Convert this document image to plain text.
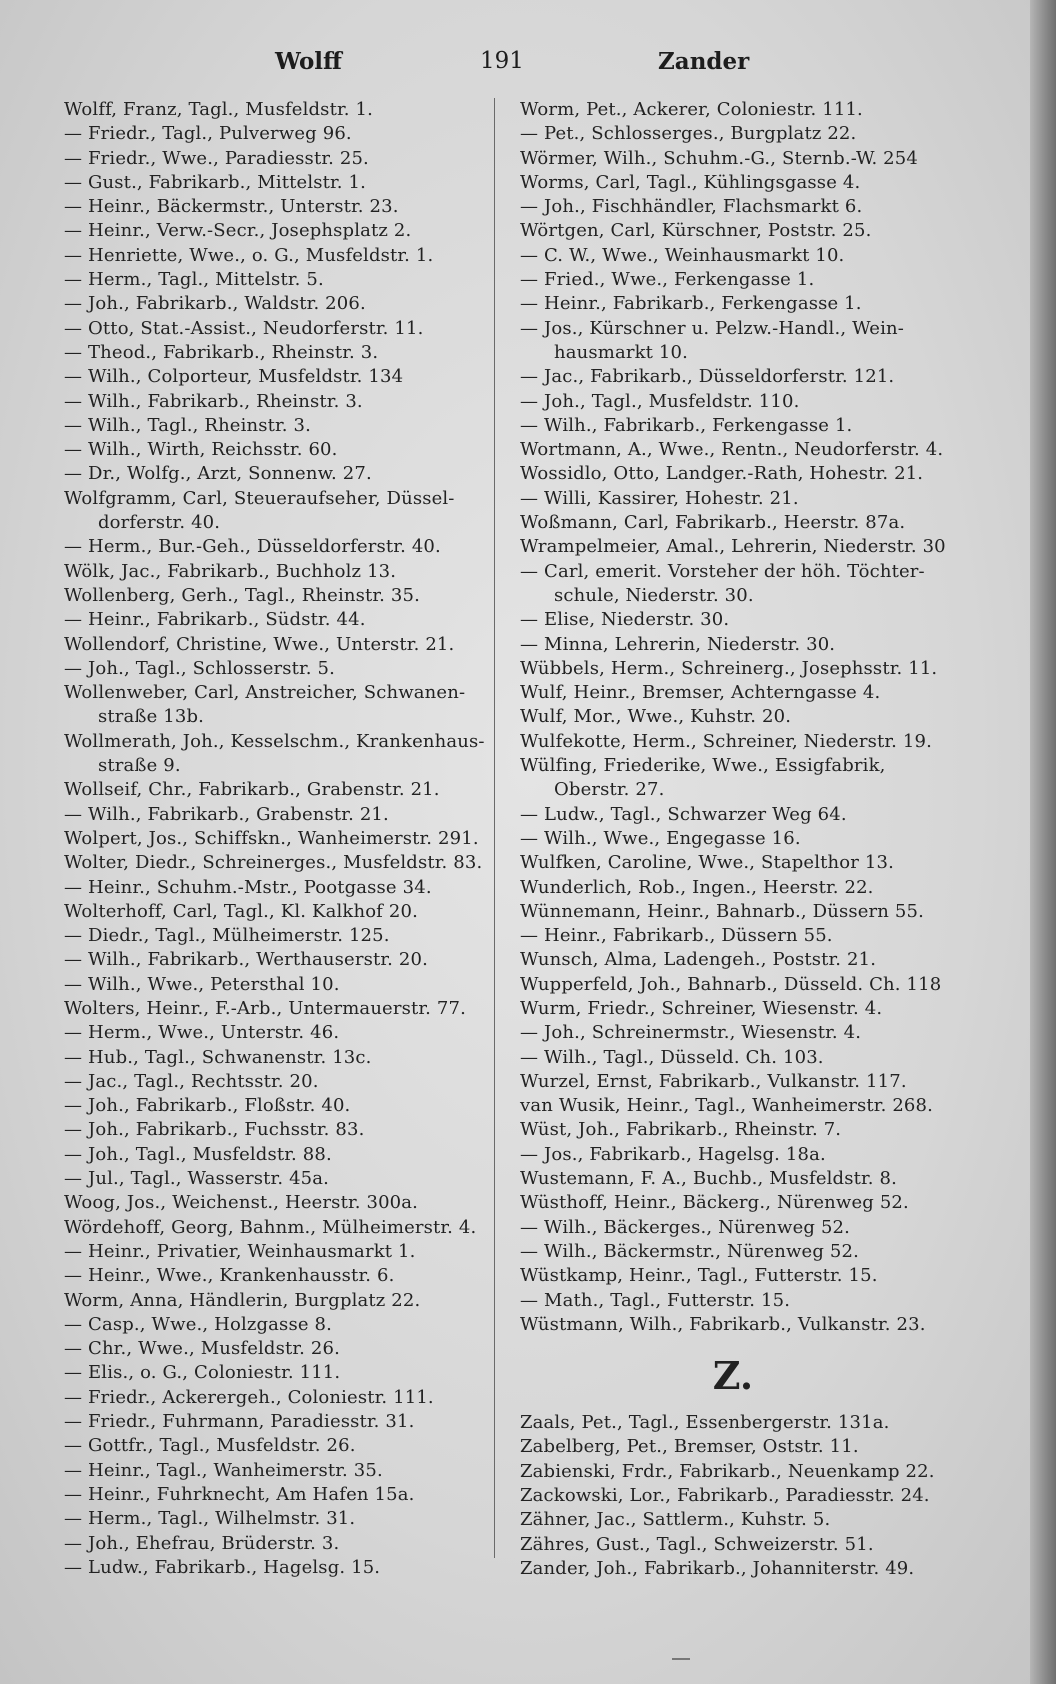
Wolff	191	Zander
Wolff, Franz, Tagl., Musfeldstr. 1.
— Friedr., Tagl., Pulverweg 96.
— Friedr., Wwe., Paradiesstr. 25.
— Gust., Fabrikarb., Mittelstr. 1.
— Heinr., Bäckermstr., Unterstr. 23.
— Heinr., Verw.-Secr., Josephsplatz 2.
— Henriette, Wwe., o. G., Musfeldstr. 1.
— Herm., Tagl., Mittelstr. 5.
— Joh., Fabrikarb., Waldstr. 206.
— Otto, Stat.-Assist., Neudorferstr. 11.
— Theod., Fabrikarb., Rheinstr. 3.
— Wilh., Colporteur, Musfeldstr. 134
— Wilh., Fabrikarb., Rheinstr. 3.
— Wilh., Tagl., Rheinstr. 3.
— Wilh., Wirth, Reichsstr. 60.
— Dr., Wolfg., Arzt, Sonnenw. 27.
Wolfgramm, Carl, Steueraufseher, Düssel-
dorferstr. 40.
— Herm., Bur.-Geh., Düsseldorferstr. 40.
Wölk, Jac., Fabrikarb., Buchholz 13.
Wollenberg, Gerh., Tagl., Rheinstr. 35.
— Heinr., Fabrikarb., Südstr. 44.
Wollendorf, Christine, Wwe., Unterstr. 21.
— Joh., Tagl., Schlosserstr. 5.
Wollenweber, Carl, Anstreicher, Schwanen-
straße 13b.
Wollmerath, Joh., Kesselschm., Krankenhaus-
straße 9.
Wollseif, Chr., Fabrikarb., Grabenstr. 21.
— Wilh., Fabrikarb., Grabenstr. 21.
Wolpert, Jos., Schiffskn., Wanheimerstr. 291.
Wolter, Diedr., Schreinerges., Musfeldstr. 83.
— Heinr., Schuhm.-Mstr., Pootgasse 34.
Wolterhoff, Carl, Tagl., Kl. Kalkhof 20.
— Diedr., Tagl., Mülheimerstr. 125.
— Wilh., Fabrikarb., Werthauserstr. 20.
— Wilh., Wwe., Petersthal 10.
Wolters, Heinr., F.-Arb., Untermauerstr. 77.
— Herm., Wwe., Unterstr. 46.
— Hub., Tagl., Schwanenstr. 13c.
— Jac., Tagl., Rechtsstr. 20.
— Joh., Fabrikarb., Floßstr. 40.
— Joh., Fabrikarb., Fuchsstr. 83.
— Joh., Tagl., Musfeldstr. 88.
— Jul., Tagl., Wasserstr. 45a.
Woog, Jos., Weichenst., Heerstr. 300a.
Wördehoff, Georg, Bahnm., Mülheimerstr. 4.
— Heinr., Privatier, Weinhausmarkt 1.
— Heinr., Wwe., Krankenhausstr. 6.
Worm, Anna, Händlerin, Burgplatz 22.
— Casp., Wwe., Holzgasse 8.
— Chr., Wwe., Musfeldstr. 26.
— Elis., o. G., Coloniestr. 111.
— Friedr., Ackerergeh., Coloniestr. 111.
— Friedr., Fuhrmann, Paradiesstr. 31.
— Gottfr., Tagl., Musfeldstr. 26.
— Heinr., Tagl., Wanheimerstr. 35.
— Heinr., Fuhrknecht, Am Hafen 15a.
— Herm., Tagl., Wilhelmstr. 31.
— Joh., Ehefrau, Brüderstr. 3.
— Ludw., Fabrikarb., Hagelsg. 15.
Worm, Pet., Ackerer, Coloniestr. 111.
— Pet., Schlosserges., Burgplatz 22.
Wörmer, Wilh., Schuhm.-G., Sternb.-W. 254
Worms, Carl, Tagl., Kühlingsgasse 4.
— Joh., Fischhändler, Flachsmarkt 6.
Wörtgen, Carl, Kürschner, Poststr. 25.
— C. W., Wwe., Weinhausmarkt 10.
— Fried., Wwe., Ferkengasse 1.
— Heinr., Fabrikarb., Ferkengasse 1.
— Jos., Kürschner u. Pelzw.-Handl., Wein-
hausmarkt 10.
— Jac., Fabrikarb., Düsseldorferstr. 121.
— Joh., Tagl., Musfeldstr. 110.
— Wilh., Fabrikarb., Ferkengasse 1.
Wortmann, A., Wwe., Rentn., Neudorferstr. 4.
Wossidlo, Otto, Landger.-Rath, Hohestr. 21.
— Willi, Kassirer, Hohestr. 21.
Woßmann, Carl, Fabrikarb., Heerstr. 87a.
Wrampelmeier, Amal., Lehrerin, Niederstr. 30
— Carl, emerit. Vorsteher der höh. Töchter-
schule, Niederstr. 30.
— Elise, Niederstr. 30.
— Minna, Lehrerin, Niederstr. 30.
Wübbels, Herm., Schreinerg., Josephsstr. 11.
Wulf, Heinr., Bremser, Achterngasse 4.
Wulf, Mor., Wwe., Kuhstr. 20.
Wulfekotte, Herm., Schreiner, Niederstr. 19.
Wülfing, Friederike, Wwe., Essigfabrik,
Oberstr. 27.
— Ludw., Tagl., Schwarzer Weg 64.
— Wilh., Wwe., Engegasse 16.
Wulfken, Caroline, Wwe., Stapelthor 13.
Wunderlich, Rob., Ingen., Heerstr. 22.
Wünnemann, Heinr., Bahnarb., Düssern 55.
— Heinr., Fabrikarb., Düssern 55.
Wunsch, Alma, Ladengeh., Poststr. 21.
Wupperfeld, Joh., Bahnarb., Düsseld. Ch. 118
Wurm, Friedr., Schreiner, Wiesenstr. 4.
— Joh., Schreinermstr., Wiesenstr. 4.
— Wilh., Tagl., Düsseld. Ch. 103.
Wurzel, Ernst, Fabrikarb., Vulkanstr. 117.
van Wusik, Heinr., Tagl., Wanheimerstr. 268.
Wüst, Joh., Fabrikarb., Rheinstr. 7.
— Jos., Fabrikarb., Hagelsg. 18a.
Wustemann, F. A., Buchb., Musfeldstr. 8.
Wüsthoff, Heinr., Bäckerg., Nürenweg 52.
— Wilh., Bäckerges., Nürenweg 52.
— Wilh., Bäckermstr., Nürenweg 52.
Wüstkamp, Heinr., Tagl., Futterstr. 15.
— Math., Tagl., Futterstr. 15.
Wüstmann, Wilh., Fabrikarb., Vulkanstr. 23.
Z.
Zaals, Pet., Tagl., Essenbergerstr. 131a.
Zabelberg, Pet., Bremser, Oststr. 11.
Zabienski, Frdr., Fabrikarb., Neuenkamp 22.
Zackowski, Lor., Fabrikarb., Paradiesstr. 24.
Zähner, Jac., Sattlerm., Kuhstr. 5.
Zähres, Gust., Tagl., Schweizerstr. 51.
Zander, Joh., Fabrikarb., Johanniterstr. 49.
